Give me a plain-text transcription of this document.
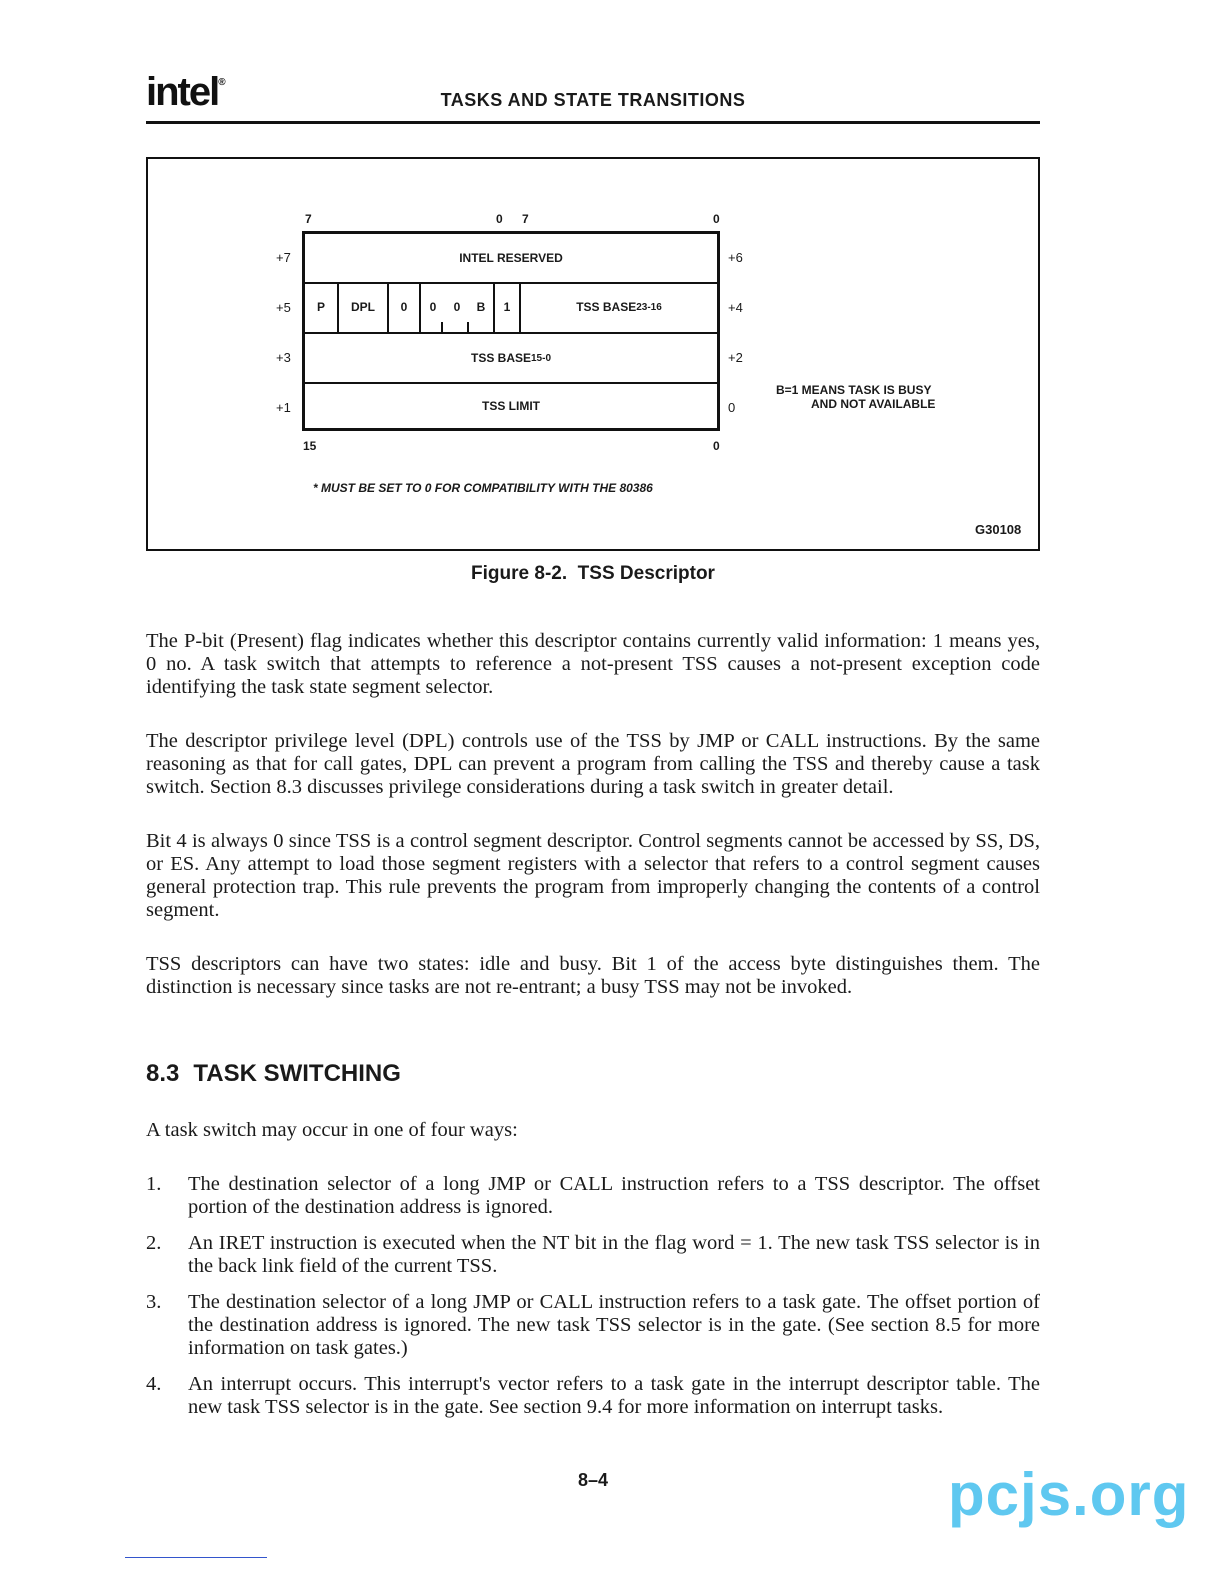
intel®
TASKS AND STATE TRANSITIONS
7	0 7	0
+7
+5
+3
+1
+6
+4
+2
0
INTEL RESERVED
P	DPL	0	0	0	B	1	TSS BASE 23-16
TSS BASE 15-0
TSS LIMIT
15	0
B=1 MEANS TASK IS BUSY
AND NOT AVAILABLE
* MUST BE SET TO 0 FOR COMPATIBILITY WITH THE 80386
G30108
Figure 8-2.  TSS Descriptor
The P-bit (Present) flag indicates whether this descriptor contains currently valid information: 1 means yes, 0 no. A task switch that attempts to reference a not-present TSS causes a not-present exception code identifying the task state segment selector.
The descriptor privilege level (DPL) controls use of the TSS by JMP or CALL instructions. By the same reasoning as that for call gates, DPL can prevent a program from calling the TSS and thereby cause a task switch. Section 8.3 discusses privilege considerations during a task switch in greater detail.
Bit 4 is always 0 since TSS is a control segment descriptor. Control segments cannot be accessed by SS, DS, or ES. Any attempt to load those segment registers with a selector that refers to a control segment causes general protection trap. This rule prevents the program from improperly changing the contents of a control segment.
TSS descriptors can have two states: idle and busy. Bit 1 of the access byte distinguishes them. The distinction is necessary since tasks are not re-entrant; a busy TSS may not be invoked.
8.3 TASK SWITCHING
A task switch may occur in one of four ways:
1. The destination selector of a long JMP or CALL instruction refers to a TSS descriptor. The offset portion of the destination address is ignored.
2. An IRET instruction is executed when the NT bit in the flag word = 1. The new task TSS selector is in the back link field of the current TSS.
3. The destination selector of a long JMP or CALL instruction refers to a task gate. The offset portion of the destination address is ignored. The new task TSS selector is in the gate. (See section 8.5 for more information on task gates.)
4. An interrupt occurs. This interrupt's vector refers to a task gate in the interrupt descriptor table. The new task TSS selector is in the gate. See section 9.4 for more information on interrupt tasks.
8–4	pcjs.org
